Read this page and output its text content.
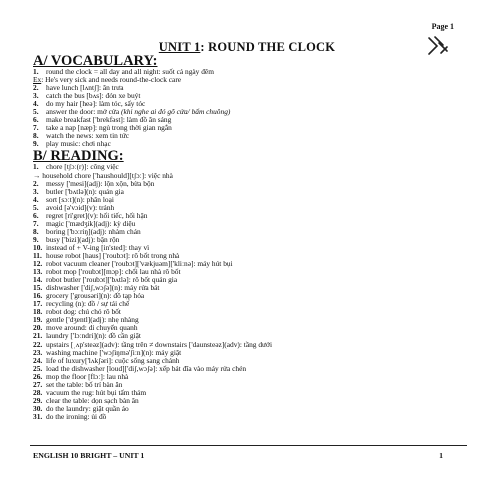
Page 1
UNIT 1: ROUND THE CLOCK
A/ VOCABULARY:
1. round the clock = all day and all night: suốt cả ngày đêm
Ex: He's very sick and needs round-the-clock care
2. have lunch [lʌntʃ]: ăn trưa
3. catch the bus [bʌs]: đón xe buýt
4. do my hair [heə]: làm tóc, sấy tóc
5. answer the door: mở cửa (khi nghe ai đó gõ cửa/ bấm chuông)
6. make breakfast ['brekfəst]: làm đồ ăn sáng
7. take a nap [næp]: ngủ trong thời gian ngắn
8. watch the news: xem tin tức
9. play music: chơi nhạc
B/ READING:
1. chore [tʃɔː(r)]: công việc
→ household chore ['haushould][tʃɔː]: việc nhà
2. messy ['mesi](adj): lộn xộn, bừa bộn
3. butler ['bʌtlə](n): quản gia
4. sort [sɔːt](n): phân loại
5. avoid [ə'vɔid](v): tránh
6. regret [ri'gret](v): hối tiếc, hối hận
7. magic ['mædʒik](adj): kỳ diệu
8. boring ['bɔːriŋ](adj): nhàm chán
9. busy ['bizi](adj): bận rộn
10. instead of + V-ing [in'sted]: thay vì
11. house robot [haus] ['roubɔt]: rô bốt trong nhà
12. robot vacuum cleaner ['roubɔt]['vækjuəm]['kliːnə]: máy hút bụi
13. robot mop ['roubɔt][mɔp]: chổi lau nhà rô bốt
14. robot butler ['roubɔt]['bʌtlə]: rô bốt quản gia
15. dishwasher ['diʃ,wɔʃə](n): máy rửa bát
16. grocery ['grousəri](n): đồ tạp hóa
17. recycling (n): đồ / sự tái chế
18. robot dog: chú chó rô bốt
19. gentle ['dʒentl](adj): nhẹ nhàng
20. move around: di chuyển quanh
21. laundry ['lɔːndri](n): đồ cần giặt
22. upstairs [ˌʌp'steəz](adv): tầng trên ≠ downstairs ['daunsteəz](adv): tầng dưới
23. washing machine ['wɔʃiŋmə'ʃiːn](n): máy giặt
24. life of luxury['lʌkʃəri]: cuộc sống sang chảnh
25. load the dishwasher [loud]['diʃ,wɔʃə]: xếp bát đĩa vào máy rửa chén
26. mop the floor [flɔː]: lau nhà
27. set the table: bố trí bàn ăn
28. vacuum the rug: hút bụi tấm thảm
29. clear the table: dọn sạch bàn ăn
30. do the laundry: giặt quần áo
31. do the ironing: ủi đồ
ENGLISH 10 BRIGHT – UNIT 1	1
